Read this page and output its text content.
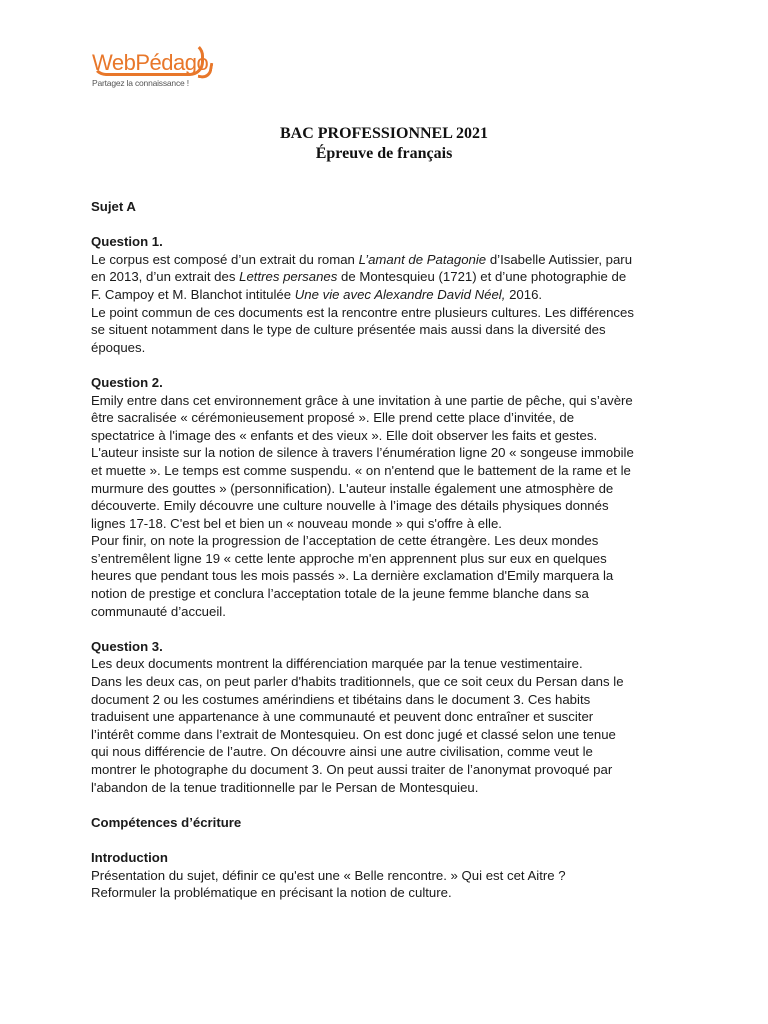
WebPédago
Partagez la connaissance !
BAC PROFESSIONNEL 2021
Épreuve de français

Sujet A

Question 1.

Le corpus est composé d’un extrait du roman L’amant de Patagonie d’Isabelle Autissier, paru
en 2013, d’un extrait des Lettres persanes de Montesquieu (1721) et d’une photographie de
F. Campoy et M. Blanchot intitulée Une vie avec Alexandre David Néel, 2016.
Le point commun de ces documents est la rencontre entre plusieurs cultures. Les différences
se situent notamment dans le type de culture présentée mais aussi dans la diversité des
époques.

Question 2.

Emily entre dans cet environnement grâce à une invitation à une partie de pêche, qui s’avère
être sacralisée « cérémonieusement proposé ». Elle prend cette place d’invitée, de
spectatrice à l'image des « enfants et des vieux ». Elle doit observer les faits et gestes.
L'auteur insiste sur la notion de silence à travers l’énumération ligne 20 « songeuse immobile
et muette ». Le temps est comme suspendu. « on n'entend que le battement de la rame et le
murmure des gouttes » (personnification). L'auteur installe également une atmosphère de
découverte. Emily découvre une culture nouvelle à l’image des détails physiques donnés
lignes 17-18. C'est bel et bien un « nouveau monde » qui s'offre à elle.
Pour finir, on note la progression de l’acceptation de cette étrangère. Les deux mondes
s’entremêlent ligne 19 « cette lente approche m'en apprennent plus sur eux en quelques
heures que pendant tous les mois passés ». La dernière exclamation d'Emily marquera la
notion de prestige et conclura l’acceptation totale de la jeune femme blanche dans sa
communauté d’accueil.

Question 3.

Les deux documents montrent la différenciation marquée par la tenue vestimentaire.
Dans les deux cas, on peut parler d'habits traditionnels, que ce soit ceux du Persan dans le
document 2 ou les costumes amérindiens et tibétains dans le document 3. Ces habits
traduisent une appartenance à une communauté et peuvent donc entraîner et susciter
l’intérêt comme dans l’extrait de Montesquieu. On est donc jugé et classé selon une tenue
qui nous différencie de l’autre. On découvre ainsi une autre civilisation, comme veut le
montrer le photographe du document 3. On peut aussi traiter de l’anonymat provoqué par
l'abandon de la tenue traditionnelle par le Persan de Montesquieu.

Compétences d’écriture

Introduction

Présentation du sujet, définir ce qu'est une « Belle rencontre. » Qui est cet Aitre ?
Reformuler la problématique en précisant la notion de culture.
